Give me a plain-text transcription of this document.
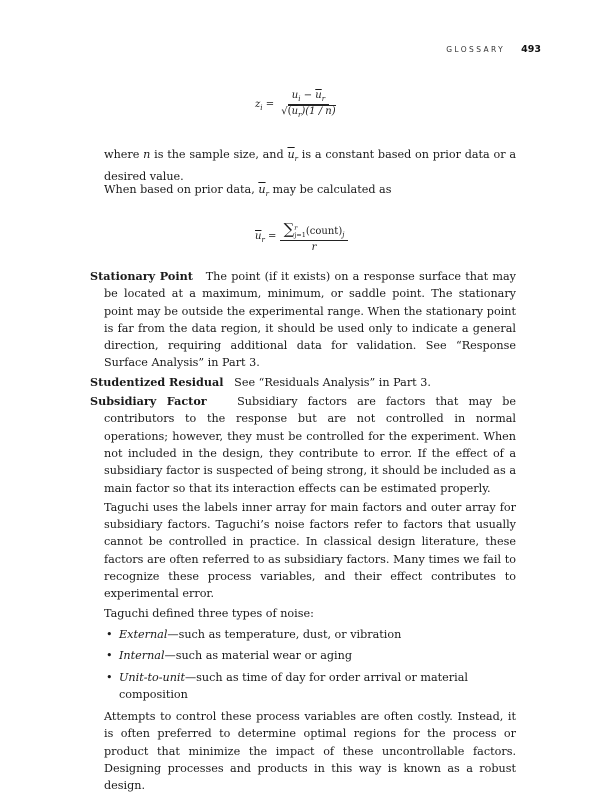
GLOSSARY 493
$z_i = \frac{u_i - \overline{u}_r}{√(\overline{u}_r)(1 / n)}$
where n is the sample size, and $\overline{u}_r$ is a constant based on prior data or a desired value.
When based on prior data, $\overline{u}_r$ may be calculated as
$\overline{u}_r$ = ∑ r
j=1 $(count)_j$
r

Stationary Point The point (if it exists) on a response surface that may be located at a maximum, minimum, or saddle point. The stationary point may be outside the experimental range. When the stationary point is far from the data region, it should be used only to indicate a general direction, requiring additional data for validation. See “Response Surface Analysis” in Part 3.

Studentized Residual See “Residuals Analysis” in Part 3.

Subsidiary Factor	Subsidiary factors are factors that may be contributors to the response but are not controlled in normal operations; however, they must be controlled for the experiment. When not included in the design, they contribute to error. If the effect of a subsidiary factor is suspected of being strong, it should be included as a main factor so that its interaction effects can be estimated properly.

Taguchi uses the labels inner array for main factors and outer array for subsidiary factors. Taguchi’s noise factors refer to factors that usually cannot be controlled in practice. In classical design literature, these factors are often referred to as subsidiary factors. Many times we fail to recognize these process variables, and their effect contributes to experimental error.

Taguchi defined three types of noise:

• External—such as temperature, dust, or vibration
• Internal—such as material wear or aging
• Unit-to-unit—such as time of day for order arrival or material composition

Attempts to control these process variables are often costly. Instead, it is often preferred to determine optimal regions for the process or product that minimize the impact of these uncontrollable factors. Designing processes and products in this way is known as a robust design.
